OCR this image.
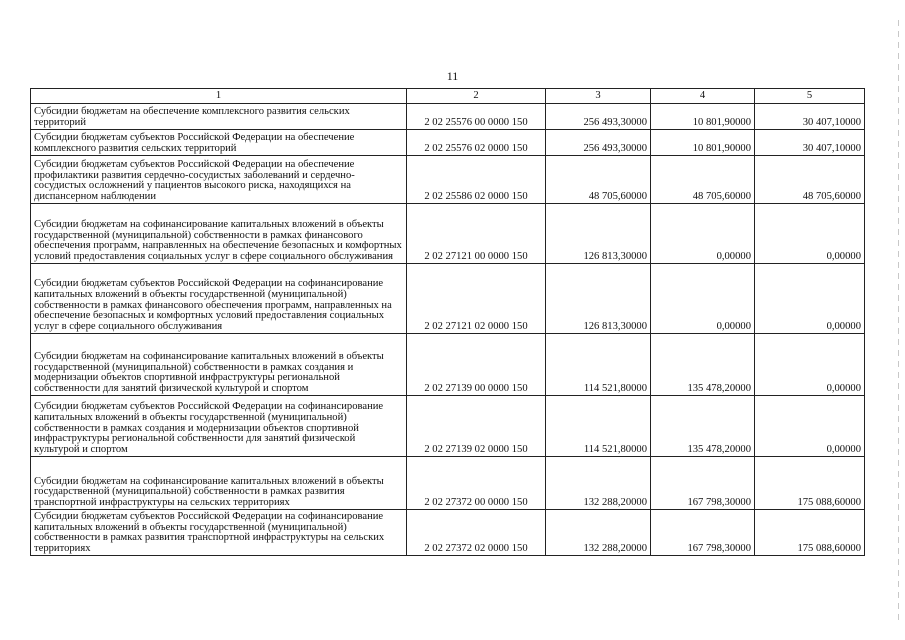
11
1	2	3	4	5
Субсидии бюджетам на обеспечение комплексного развития сельских территорий	2 02 25576 00 0000 150	256 493,30000	10 801,90000	30 407,10000
Субсидии бюджетам субъектов Российской Федерации на обеспечение комплексного развития сельских территорий	2 02 25576 02 0000 150	256 493,30000	10 801,90000	30 407,10000
Субсидии бюджетам субъектов Российской Федерации на обеспечение профилактики развития сердечно-сосудистых заболеваний и сердечно-сосудистых осложнений у пациентов высокого риска, находящихся на диспансерном наблюдении	2 02 25586 02 0000 150	48 705,60000	48 705,60000	48 705,60000
Субсидии бюджетам на софинансирование капитальных вложений в объекты государственной (муниципальной) собственности в рамках финансового обеспечения программ, направленных на обеспечение безопасных и комфортных условий предоставления социальных услуг в сфере социального обслуживания	2 02 27121 00 0000 150	126 813,30000	0,00000	0,00000
Субсидии бюджетам субъектов Российской Федерации на софинансирование капитальных вложений в объекты государственной (муниципальной) собственности в рамках финансового обеспечения программ, направленных на обеспечение безопасных и комфортных условий предоставления социальных услуг в сфере социального обслуживания	2 02 27121 02 0000 150	126 813,30000	0,00000	0,00000
Субсидии бюджетам на софинансирование капитальных вложений в объекты государственной (муниципальной) собственности в рамках создания и модернизации объектов спортивной инфраструктуры региональной собственности для занятий физической культурой и спортом	2 02 27139 00 0000 150	114 521,80000	135 478,20000	0,00000
Субсидии бюджетам субъектов Российской Федерации на софинансирование капитальных вложений в объекты государственной (муниципальной) собственности в рамках создания и модернизации объектов спортивной инфраструктуры региональной собственности для занятий физической культурой и спортом	2 02 27139 02 0000 150	114 521,80000	135 478,20000	0,00000
Субсидии бюджетам на софинансирование капитальных вложений в объекты государственной (муниципальной) собственности в рамках развития транспортной инфраструктуры на сельских территориях	2 02 27372 00 0000 150	132 288,20000	167 798,30000	175 088,60000
Субсидии бюджетам субъектов Российской Федерации на софинансирование капитальных вложений в объекты государственной (муниципальной) собственности в рамках развития транспортной инфраструктуры на сельских территориях	2 02 27372 02 0000 150	132 288,20000	167 798,30000	175 088,60000
